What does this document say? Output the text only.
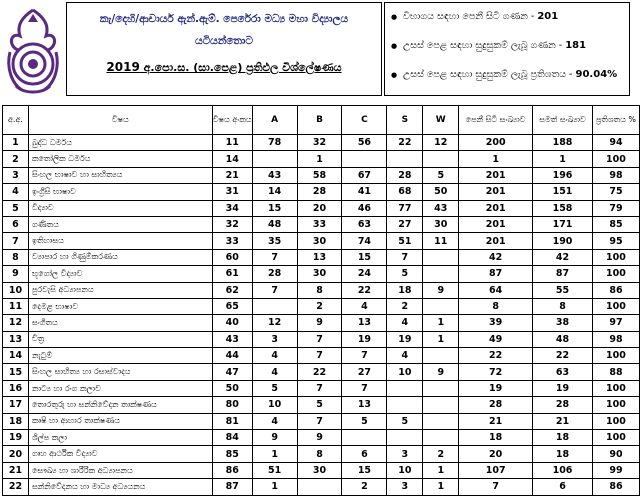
කැ/දෙහි/ආචාර්ය ඇන්.ඇම්. පෙරේරා මධ්‍ය මහා විද්‍යාලය
යටියන්තොට
2019 අ.පො.ස. (සා.පෙළ) ප්‍රතිඵල විශ්ලේෂණය
● විභාගය සඳහා පෙනී සිටි ගණන - 201
● උසස් පෙළ සඳහා සුදුසුකම් ලැබූ ගණන - 181
● උසස් පෙළ සඳහා සුදුසුකම් ලැබූ ප්‍රතිශතය - 90.04%
අ.අ.	විෂය	විෂය අංකය	A	B	C	S	W	පෙනී සිටි සංඛ්‍යාව	සමත් සංඛ්‍යාව	ප්‍රතිශතය %
1	බුද්ධ ධර්මය	11	78	32	56	22	12	200	188	94
2	කතෝලික ධර්මය	14		1				1	1	100
3	සිංහල භාෂාව හා සාහිත්‍යය	21	43	58	67	28	5	201	196	98
4	ඉංග්‍රීසි භාෂාව	31	14	28	41	68	50	201	151	75
5	විද්‍යාව	34	15	20	46	77	43	201	158	79
6	ගණිතය	32	48	33	63	27	30	201	171	85
7	ඉතිහාසය	33	35	30	74	51	11	201	190	95
8	ව්‍යාපාර හා ගිණුම්කරණය	60	7	13	15	7		42	42	100
9	භූගෝල විද්‍යාව	61	28	30	24	5		87	87	100
10	පුරවැසි අධ්‍යාපනය	62	7	8	22	18	9	64	55	86
11	දෙමළ භාෂාව	65		2	4	2		8	8	100
12	සංගීතය	40	12	9	13	4	1	39	38	97
13	චිත්‍ර	43	3	7	19	19	1	49	48	98
14	නැටුම්	44	4	7	7	4		22	22	100
15	සිංහල සාහිත්‍ය හා රසාස්වාදය	47	4	22	27	10	9	72	63	88
16	නාට්‍ය හා රංග කලාව	50	5	7	7			19	19	100
17	තොරතුරු හා සන්නිවේදන තාක්ෂණය	80	10	5	13			28	28	100
18	කෘෂි හා ආහාර තාක්ෂණය	81	4	7	5	5		21	21	100
19	ශිල්ප කලා	84	9	9				18	18	100
20	ගෘහ ආර්ථික විද්‍යාව	85	1	8	6	3	2	20	18	90
21	සෞඛ්‍ය හා ශාරීරික අධ්‍යාපනය	86	51	30	15	10	1	107	106	99
22	සන්නිවේදනය හා මාධ්‍ය අධ්‍යයනය	87	1		2	3	1	7	6	86
